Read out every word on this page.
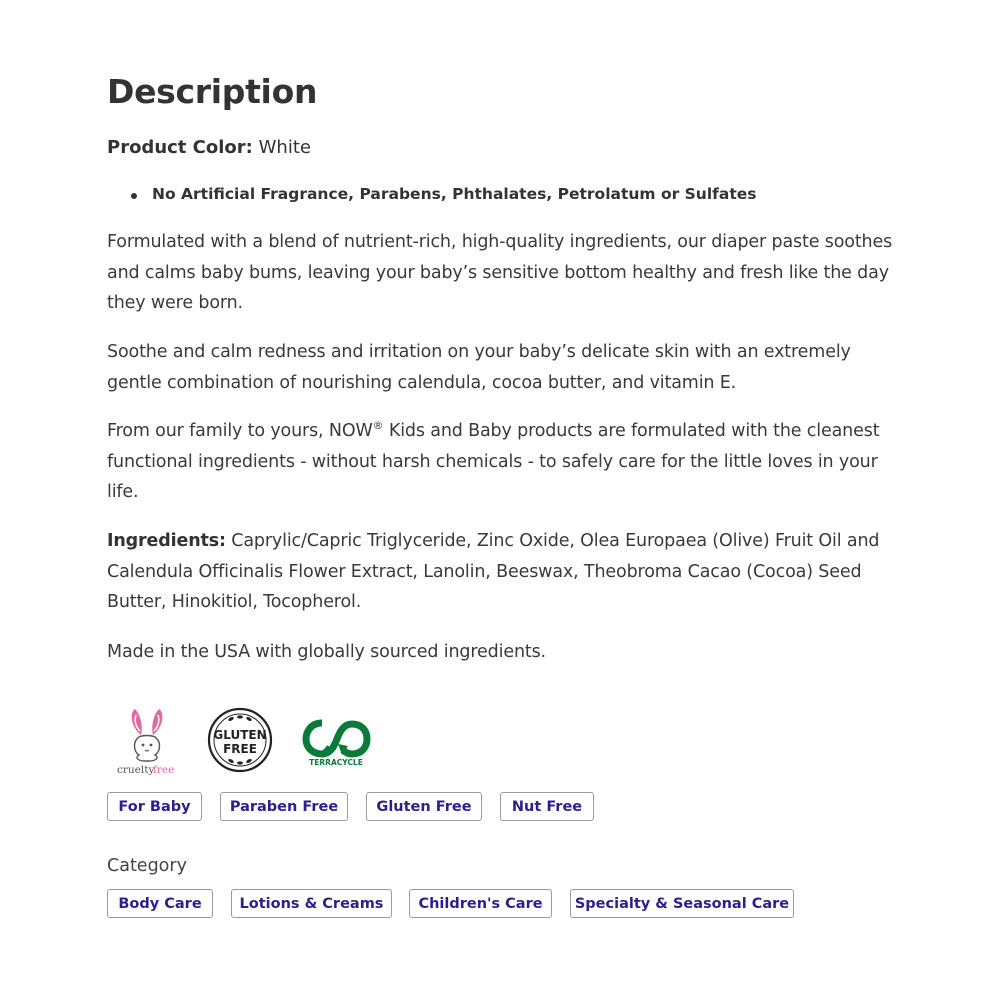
Description
Product Color: White
No Artificial Fragrance, Parabens, Phthalates, Petrolatum or Sulfates

Formulated with a blend of nutrient-rich, high-quality ingredients, our diaper paste soothes and calms baby bums, leaving your baby’s sensitive bottom healthy and fresh like the day they were born.

Soothe and calm redness and irritation on your baby’s delicate skin with an extremely gentle combination of nourishing calendula, cocoa butter, and vitamin E.

From our family to yours, NOW® Kids and Baby products are formulated with the cleanest functional ingredients - without harsh chemicals - to safely care for the little loves in your life.

Ingredients: Caprylic/Capric Triglyceride, Zinc Oxide, Olea Europaea (Olive) Fruit Oil and Calendula Officinalis Flower Extract, Lanolin, Beeswax, Theobroma Cacao (Cocoa) Seed Butter, Hinokitiol, Tocopherol.

Made in the USA with globally sourced ingredients.

cruelty
free
GLUTEN
FREE
TERRACYCLE
For Baby	Paraben Free	Gluten Free	Nut Free
Category
Body Care	Lotions & Creams	Children's Care	Specialty & Seasonal Care
